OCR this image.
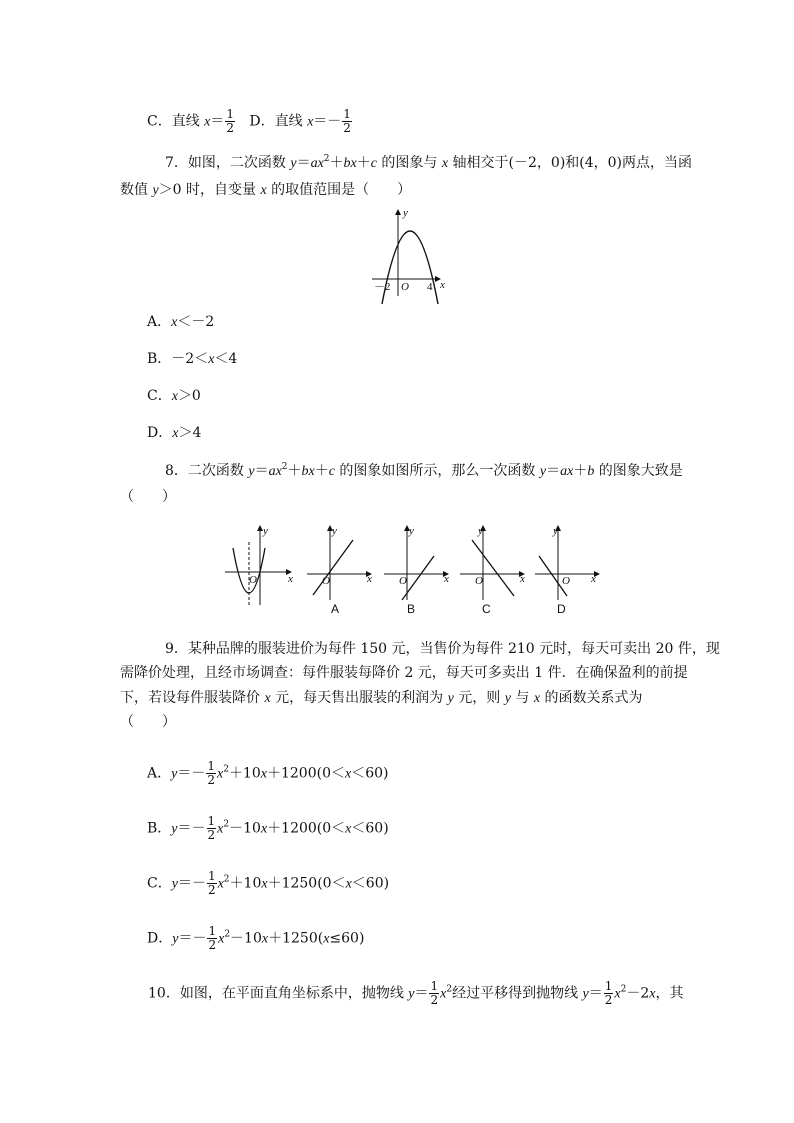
C．直线 $x= \frac{1}{2}$ D．直线 $x=- \frac{1}{2}$
7．如图，二次函数 $y=ax^2+bx+c$ 的图象与 x 轴相交于(－2，0)和(4，0)两点，当函
数值 y＞0 时，自变量 x 的取值范围是（　　）
y
x
O
－2	4
A．x＜－2
B．－2＜x＜4
C．x＞0
D．x＞4
8．二次函数 $y=ax^2+bx+c$ 的图象如图所示，那么一次函数 y＝ax＋b 的图象大致是
（　　）
y
x
O
y
x
O
y
x
O
y
x
O
y
x
O
A	B	C	D
9．某种品牌的服装进价为每件 150 元，当售价为每件 210 元时，每天可卖出 20 件，现
需降价处理，且经市场调查：每件服装每降价 2 元，每天可多卖出 1 件．在确保盈利的前提
下，若设每件服装降价 x 元，每天售出服装的利润为 y 元，则 y 与 x 的函数关系式为
（　　）
A．$y=- \frac{1}{2} x^2+10x+1200(0<x<60)$
B．$y=- \frac{1}{2} x^2-10x+1200(0<x<60)$
C．$y=- \frac{1}{2} x^2+10x+1250(0<x<60)$
D．$y=- \frac{1}{2} x^2-10x+1250(x\le 60)$
10．如图，在平面直角坐标系中，抛物线 $y= \frac{1}{2} x^2$经过平移得到抛物线 $y= \frac{1}{2} x^2-2x$，其
